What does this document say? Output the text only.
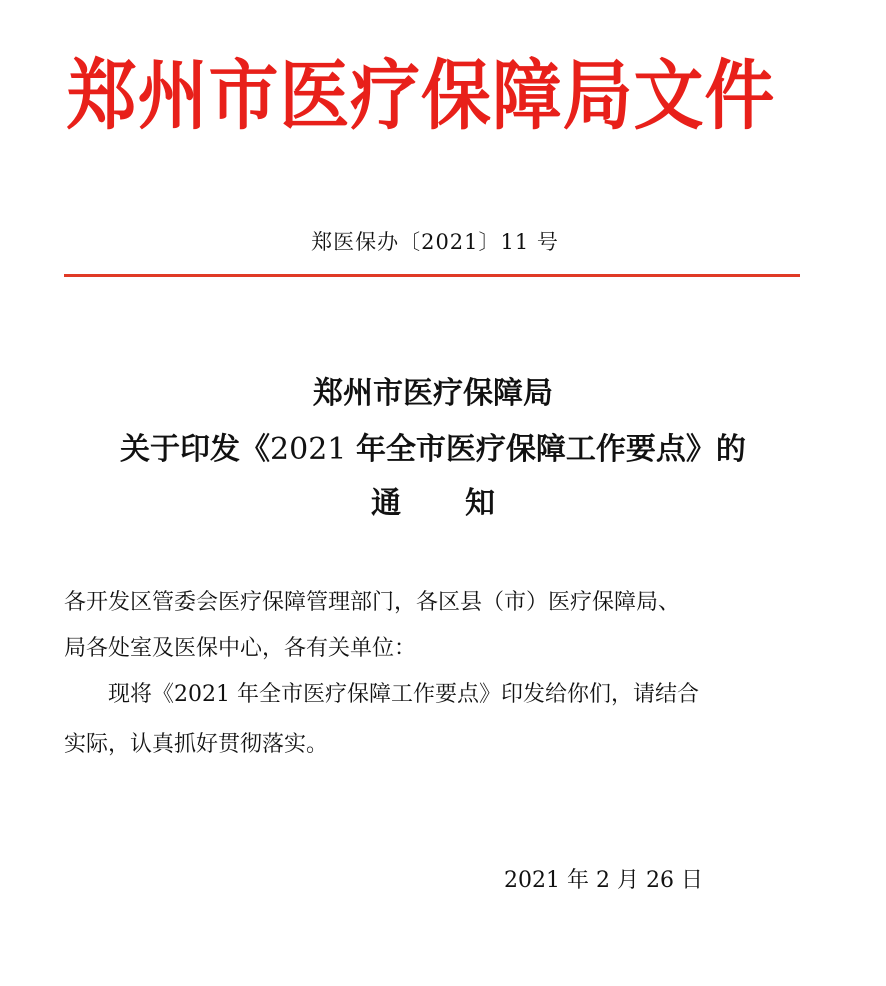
郑州市医疗保障局文件
郑医保办〔2021〕11 号
郑州市医疗保障局
关于印发《2021 年全市医疗保障工作要点》的
通知
各开发区管委会医疗保障管理部门，各区县（市）医疗保障局、
局各处室及医保中心，各有关单位：
现将《2021 年全市医疗保障工作要点》印发给你们，请结合
实际，认真抓好贯彻落实。
2021 年 2 月 26 日
